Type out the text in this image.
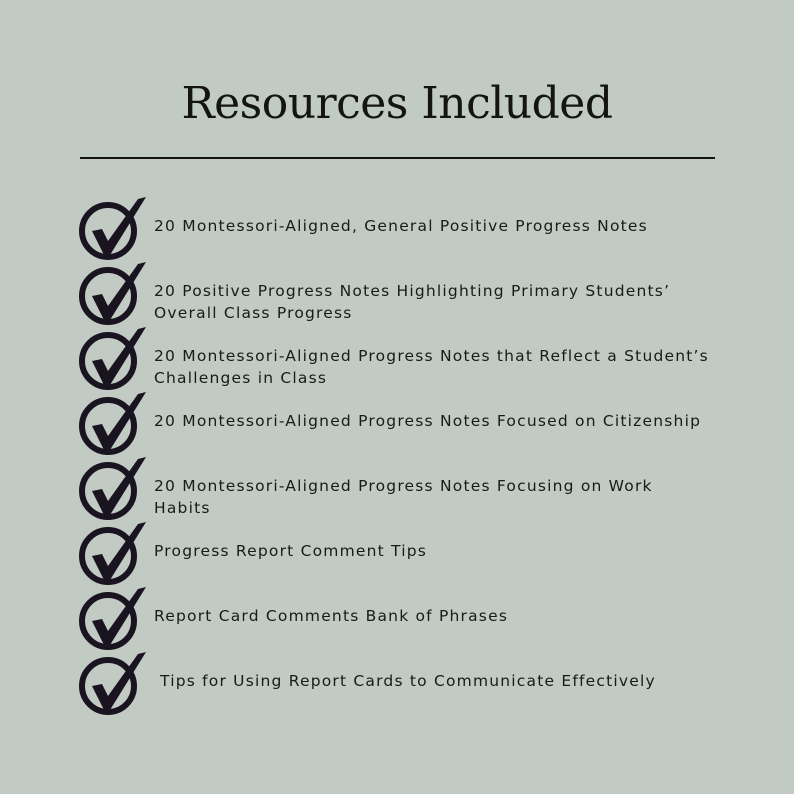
Resources Included
20 Montessori-Aligned, General Positive Progress Notes
20 Positive Progress Notes Highlighting Primary Students’ Overall Class Progress
20 Montessori-Aligned Progress Notes that Reflect a Student’s Challenges in Class
20 Montessori-Aligned Progress Notes Focused on Citizenship
20 Montessori-Aligned Progress Notes Focusing on Work Habits
Progress Report Comment Tips
Report Card Comments Bank of Phrases
Tips for Using Report Cards to Communicate Effectively
